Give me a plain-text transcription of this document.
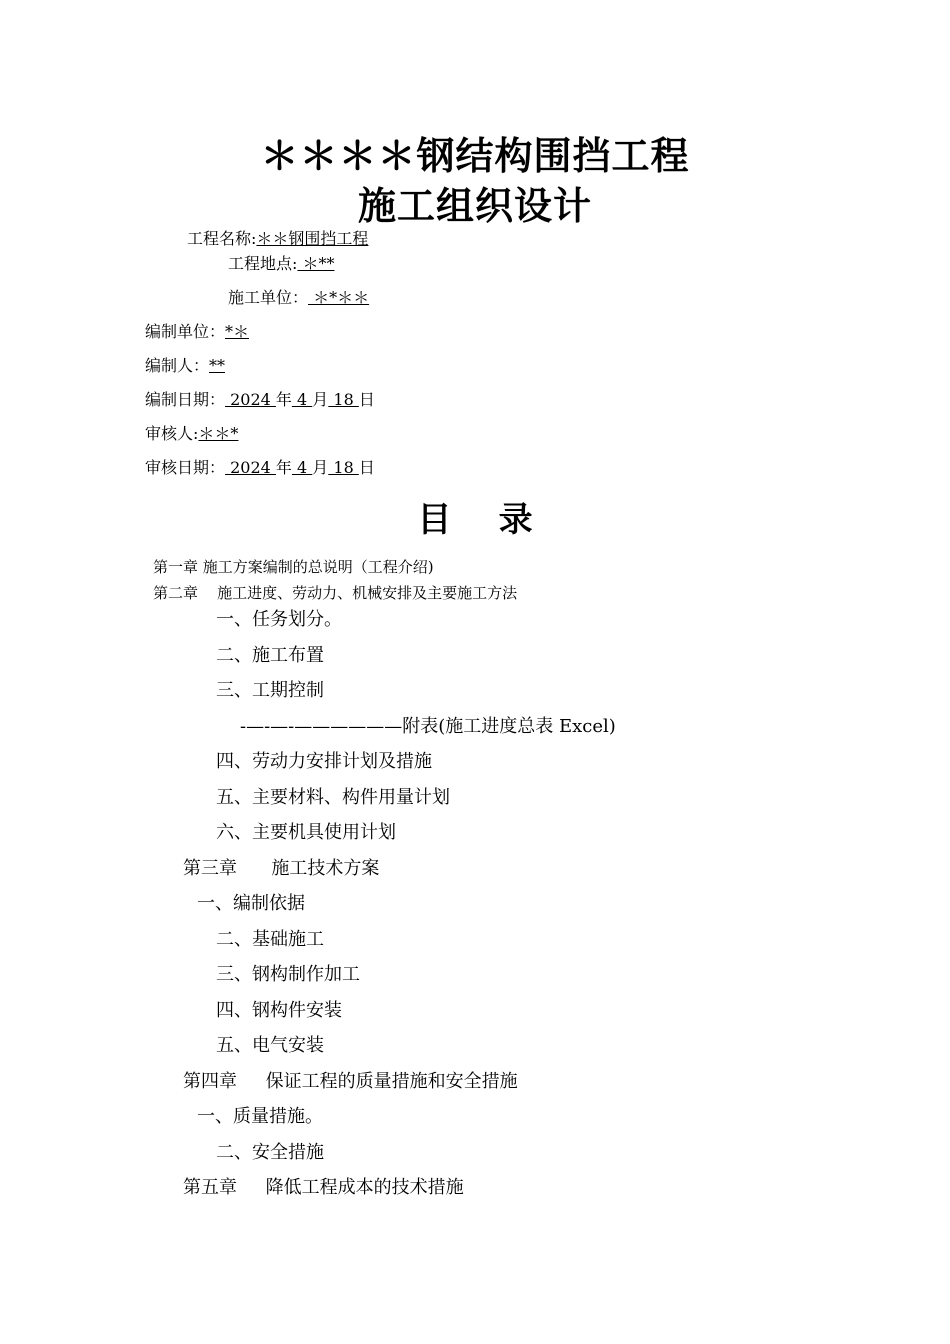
＊＊＊＊钢结构围挡工程
施工组织设计
工程名称:＊＊钢围挡工程
工程地点: ＊**
施工单位： ＊*＊＊
编制单位：*＊
编制人：**
编制日期： 2024 年 4 月 18 日
审核人:＊＊*
审核日期： 2024 年 4 月 18 日
目    录
第一章 施工方案编制的总说明（工程介绍)
第二章    施工进度、劳动力、机械安排及主要施工方法
一、任务划分。
二、施工布置
三、工期控制
-—-—-——————附表(施工进度总表 Excel)
四、劳动力安排计划及措施
五、主要材料、构件用量计划
六、主要机具使用计划
第三章      施工技术方案
一、编制依据
二、基础施工
三、钢构制作加工
四、钢构件安装
五、电气安装
第四章     保证工程的质量措施和安全措施
一、质量措施。
二、安全措施
第五章     降低工程成本的技术措施
